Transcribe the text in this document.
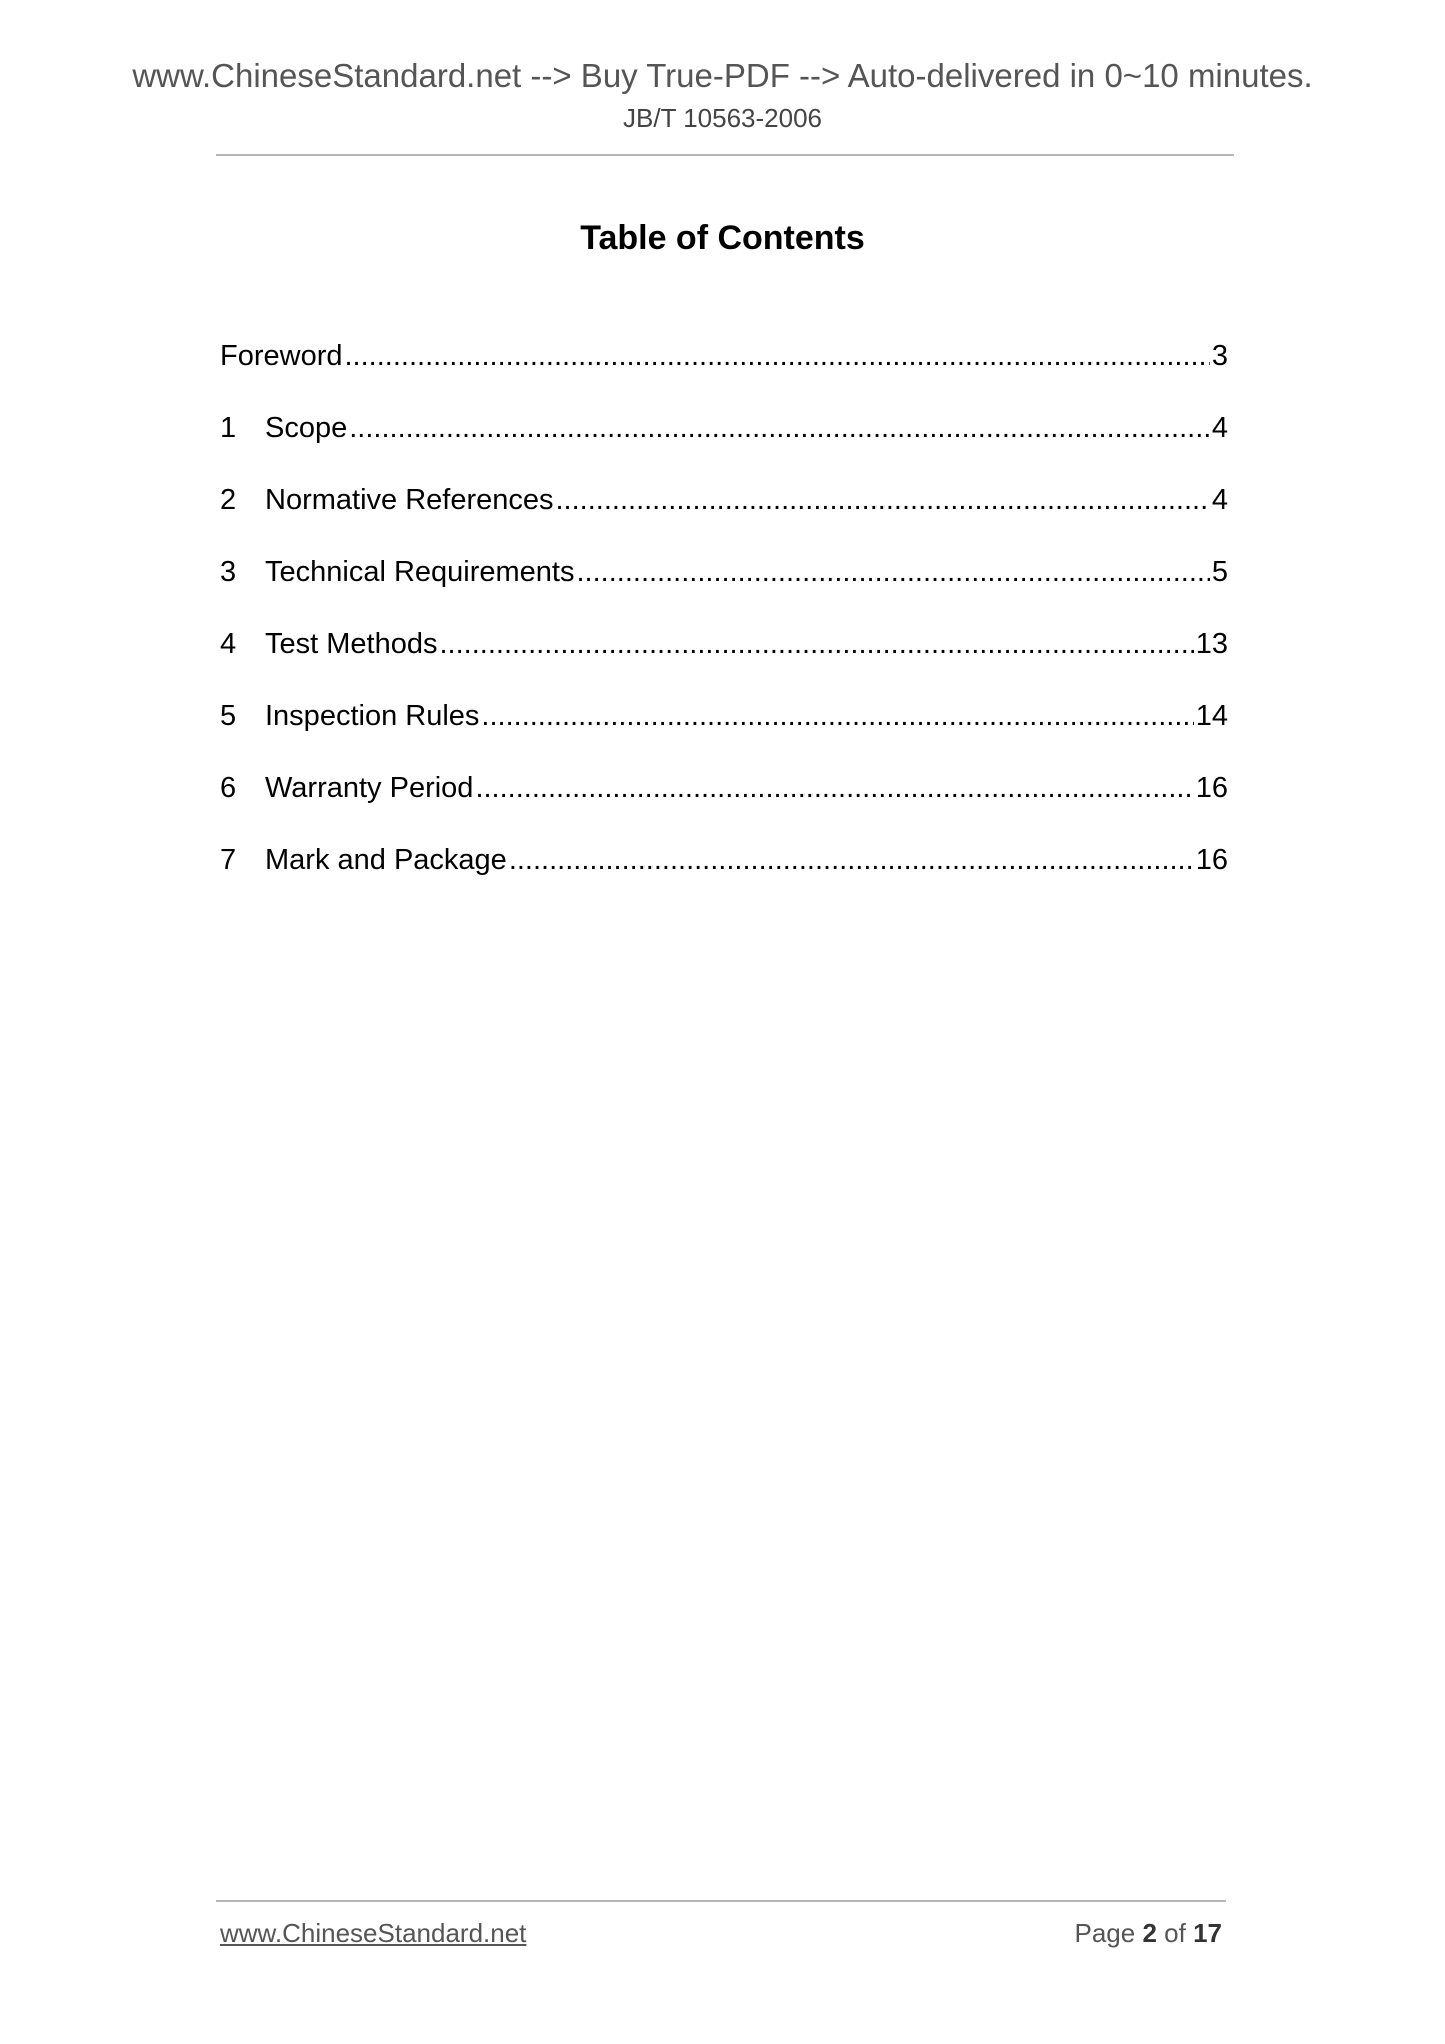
www.ChineseStandard.net --> Buy True-PDF --> Auto-delivered in 0~10 minutes.
JB/T 10563-2006
Table of Contents
Foreword .....	3
1 Scope .....	4
2 Normative References .....	4
3 Technical Requirements .....	5
4 Test Methods .....	13
5 Inspection Rules .....	14
6 Warranty Period .....	16
7 Mark and Package .....	16
www.ChineseStandard.net	Page 2 of 17
